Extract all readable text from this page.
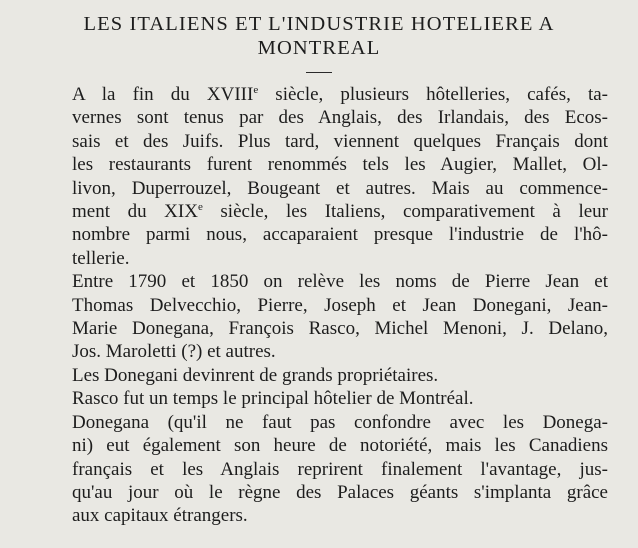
LES ITALIENS ET L'INDUSTRIE HOTELIERE A
MONTREAL

A la fin du XVIIIe siècle, plusieurs hôtelleries, cafés, ta-
vernes sont tenus par des Anglais, des Irlandais, des Ecos-
sais et des Juifs. Plus tard, viennent quelques Français dont
les restaurants furent renommés tels les Augier, Mallet, Ol-
livon, Duperrouzel, Bougeant et autres. Mais au commence-
ment du XIXe siècle, les Italiens, comparativement à leur
nombre parmi nous, accaparaient presque l'industrie de l'hô-
tellerie.

Entre 1790 et 1850 on relève les noms de Pierre Jean et
Thomas Delvecchio, Pierre, Joseph et Jean Donegani, Jean-
Marie Donegana, François Rasco, Michel Menoni, J. Delano,
Jos. Maroletti (?) et autres.

Les Donegani devinrent de grands propriétaires.

Rasco fut un temps le principal hôtelier de Montréal.

Donegana (qu'il ne faut pas confondre avec les Donega-
ni) eut également son heure de notoriété, mais les Canadiens
français et les Anglais reprirent finalement l'avantage, jus-
qu'au jour où le règne des Palaces géants s'implanta grâce
aux capitaux étrangers.
